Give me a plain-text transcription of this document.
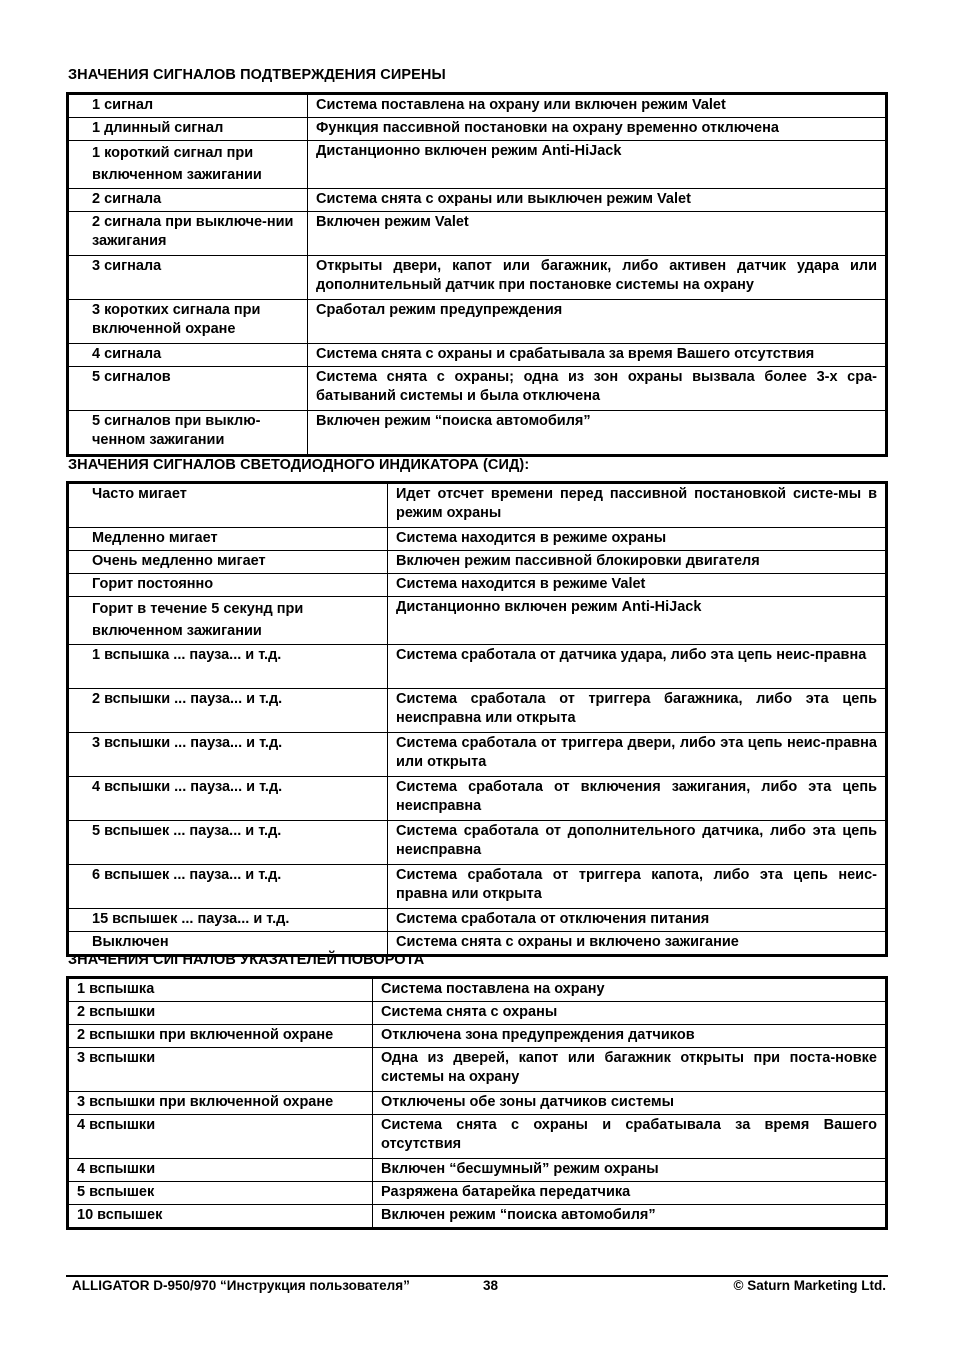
ЗНАЧЕНИЯ СИГНАЛОВ ПОДТВЕРЖДЕНИЯ СИРЕНЫ
1 сигнал	Система поставлена на охрану или включен режим Valet
1 длинный сигнал	Функция пассивной постановки на охрану временно отключена
1 короткий сигнал при включенном зажигании	Дистанционно включен режим Anti-HiJack
2 сигнала	Система снята с охраны или выключен режим Valet
2 сигнала при выключе-нии зажигания	Включен режим Valet
3 сигнала	Открыты двери, капот или багажник, либо активен датчик удара или дополнительный датчик при постановке системы на охрану
3 коротких сигнала при включенной охране	Сработал режим предупреждения
4 сигнала	Система снята с охраны и срабатывала за время Вашего отсутствия
5 сигналов	Система снята с охраны; одна из зон охраны вызвала более 3-х сра-батываний системы и была отключена
5 сигналов при выклю-ченном зажигании	Включен режим “поиска автомобиля”
ЗНАЧЕНИЯ СИГНАЛОВ СВЕТОДИОДНОГО ИНДИКАТОРА (СИД):
Часто мигает	Идет отсчет времени перед пассивной постановкой систе-мы в режим охраны
Медленно мигает	Система находится в режиме охраны
Очень медленно мигает	Включен режим пассивной блокировки двигателя
Горит постоянно	Система находится в режиме Valet
Горит в течение 5 секунд при включенном зажигании	Дистанционно включен режим Anti-HiJack
1 вспышка ... пауза... и т.д.	Система сработала от датчика удара, либо эта цепь неис-правна
2 вспышки ... пауза... и т.д.	Система сработала от триггера багажника, либо эта цепь неисправна или открыта
3 вспышки ... пауза... и т.д.	Система сработала от триггера двери, либо эта цепь неис-правна или открыта
4 вспышки ... пауза... и т.д.	Система сработала от включения зажигания, либо эта цепь неисправна
5 вспышек ... пауза... и т.д.	Система сработала от дополнительного датчика, либо эта цепь неисправна
6 вспышек ... пауза... и т.д.	Система сработала от триггера капота, либо эта цепь неис-правна или открыта
15 вспышек ... пауза... и т.д.	Система сработала от отключения питания
Выключен	Система снята с охраны и включено зажигание
ЗНАЧЕНИЯ СИГНАЛОВ УКАЗАТЕЛЕЙ ПОВОРОТА
1 вспышка	Система поставлена на охрану
2 вспышки	Система снята с охраны
2 вспышки при включенной охране	Отключена зона предупреждения датчиков
3 вспышки	Одна из дверей, капот или багажник открыты при поста-новке системы на охрану
3 вспышки при включенной охране	Отключены обе зоны датчиков системы
4 вспышки	Система снята с охраны и срабатывала за время Вашего отсутствия
4 вспышки	Включен “бесшумный” режим охраны
5 вспышек	Разряжена батарейка передатчика
10 вспышек	Включен режим “поиска автомобиля”
ALLIGATOR D-950/970 “Инструкция пользователя”	38	© Saturn Marketing Ltd.
